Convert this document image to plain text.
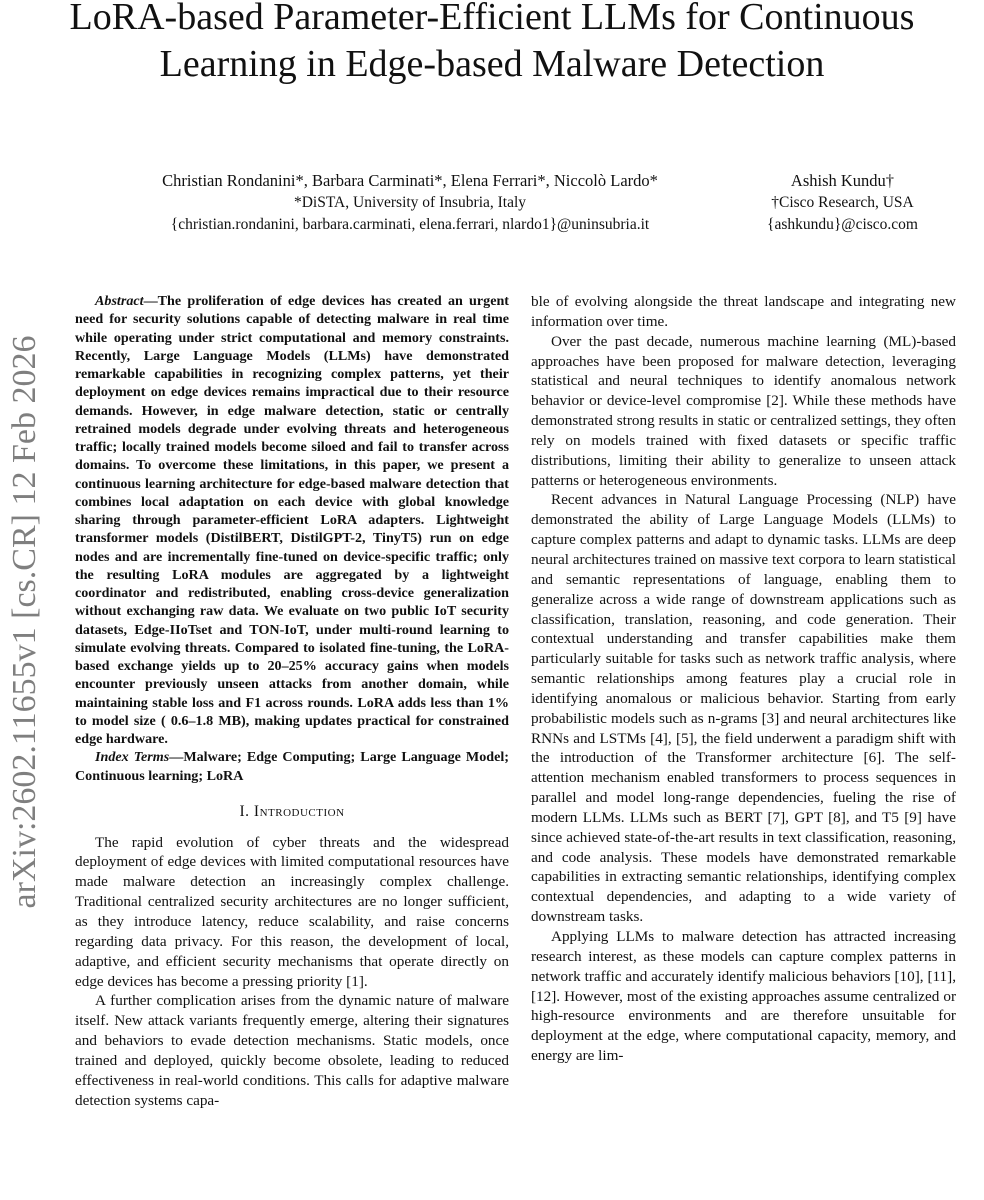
LoRA-based Parameter-Efficient LLMs for Continuous Learning in Edge-based Malware Detection
Christian Rondanini*, Barbara Carminati*, Elena Ferrari*, Niccolò Lardo*
*DiSTA, University of Insubria, Italy
{christian.rondanini, barbara.carminati, elena.ferrari, nlardo1}@uninsubria.it
Ashish Kundu†
†Cisco Research, USA
{ashkundu}@cisco.com
arXiv:2602.11655v1 [cs.CR] 12 Feb 2026

Abstract—The proliferation of edge devices has created an urgent need for security solutions capable of detecting malware in real time while operating under strict computational and memory constraints. Recently, Large Language Models (LLMs) have demonstrated remarkable capabilities in recognizing complex patterns, yet their deployment on edge devices remains impractical due to their resource demands. However, in edge malware detection, static or centrally retrained models degrade under evolving threats and heterogeneous traffic; locally trained models become siloed and fail to transfer across domains. To overcome these limitations, in this paper, we present a continuous learning architecture for edge-based malware detection that combines local adaptation on each device with global knowledge sharing through parameter-efficient LoRA adapters. Lightweight transformer models (DistilBERT, DistilGPT-2, TinyT5) run on edge nodes and are incrementally fine-tuned on device-specific traffic; only the resulting LoRA modules are aggregated by a lightweight coordinator and redistributed, enabling cross-device generalization without exchanging raw data. We evaluate on two public IoT security datasets, Edge-IIoTset and TON-IoT, under multi-round learning to simulate evolving threats. Compared to isolated fine-tuning, the LoRA-based exchange yields up to 20–25% accuracy gains when models encounter previously unseen attacks from another domain, while maintaining stable loss and F1 across rounds. LoRA adds less than 1% to model size ( 0.6–1.8 MB), making updates practical for constrained edge hardware.

Index Terms—Malware; Edge Computing; Large Language Model; Continuous learning; LoRA

I. Introduction

The rapid evolution of cyber threats and the widespread deployment of edge devices with limited computational resources have made malware detection an increasingly complex challenge. Traditional centralized security architectures are no longer sufficient, as they introduce latency, reduce scalability, and raise concerns regarding data privacy. For this reason, the development of local, adaptive, and efficient security mechanisms that operate directly on edge devices has become a pressing priority [1].

A further complication arises from the dynamic nature of malware itself. New attack variants frequently emerge, altering their signatures and behaviors to evade detection mechanisms. Static models, once trained and deployed, quickly become obsolete, leading to reduced effectiveness in real-world conditions. This calls for adaptive malware detection systems capa-

ble of evolving alongside the threat landscape and integrating new information over time.

Over the past decade, numerous machine learning (ML)-based approaches have been proposed for malware detection, leveraging statistical and neural techniques to identify anomalous network behavior or device-level compromise [2]. While these methods have demonstrated strong results in static or centralized settings, they often rely on models trained with fixed datasets or specific traffic distributions, limiting their ability to generalize to unseen attack patterns or heterogeneous environments.

Recent advances in Natural Language Processing (NLP) have demonstrated the ability of Large Language Models (LLMs) to capture complex patterns and adapt to dynamic tasks. LLMs are deep neural architectures trained on massive text corpora to learn statistical and semantic representations of language, enabling them to generalize across a wide range of downstream applications such as classification, translation, reasoning, and code generation. Their contextual understanding and transfer capabilities make them particularly suitable for tasks such as network traffic analysis, where semantic relationships among features play a crucial role in identifying anomalous or malicious behavior. Starting from early probabilistic models such as n-grams [3] and neural architectures like RNNs and LSTMs [4], [5], the field underwent a paradigm shift with the introduction of the Transformer architecture [6]. The self-attention mechanism enabled transformers to process sequences in parallel and model long-range dependencies, fueling the rise of modern LLMs. LLMs such as BERT [7], GPT [8], and T5 [9] have since achieved state-of-the-art results in text classification, reasoning, and code analysis. These models have demonstrated remarkable capabilities in extracting semantic relationships, identifying complex contextual dependencies, and adapting to a wide variety of downstream tasks.

Applying LLMs to malware detection has attracted increasing research interest, as these models can capture complex patterns in network traffic and accurately identify malicious behaviors [10], [11], [12]. However, most of the existing approaches assume centralized or high-resource environments and are therefore unsuitable for deployment at the edge, where computational capacity, memory, and energy are lim-
